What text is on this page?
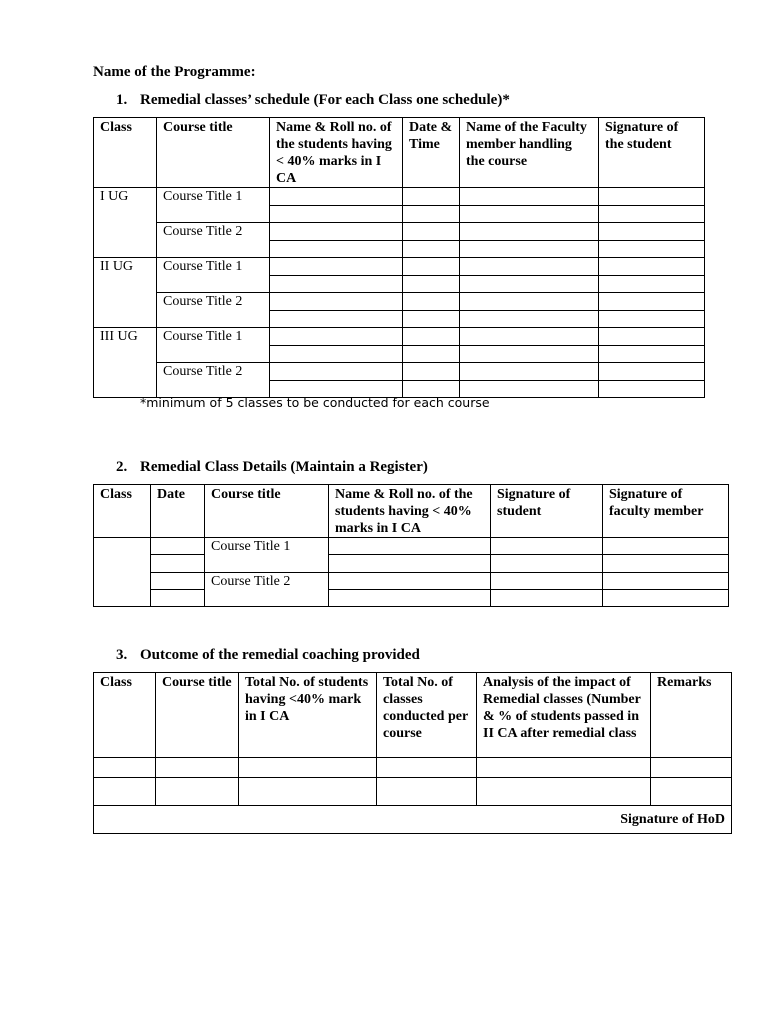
Name of the Programme:
1. Remedial classes’ schedule (For each Class one schedule)*
Class	Course title	Name & Roll no. of the students having < 40% marks in I CA	Date & Time	Name of the Faculty member handling the course	Signature of the student
I UG	Course Title 1				

	Course Title 2				

II UG	Course Title 1				

	Course Title 2				

III UG	Course Title 1				

	Course Title 2				

*minimum of 5 classes to be conducted for each course
2. Remedial Class Details (Maintain a Register)
Class	Date	Course title	Name & Roll no. of the students having < 40% marks in I CA	Signature of student	Signature of faculty member
		Course Title 1			

		Course Title 2			

3. Outcome of the remedial coaching provided
Class	Course title	Total No. of students having <40% mark in I CA	Total No. of classes conducted per course	Analysis of the impact of Remedial classes (Number & % of students passed in II CA after remedial class	Remarks

Signature of HoD					
